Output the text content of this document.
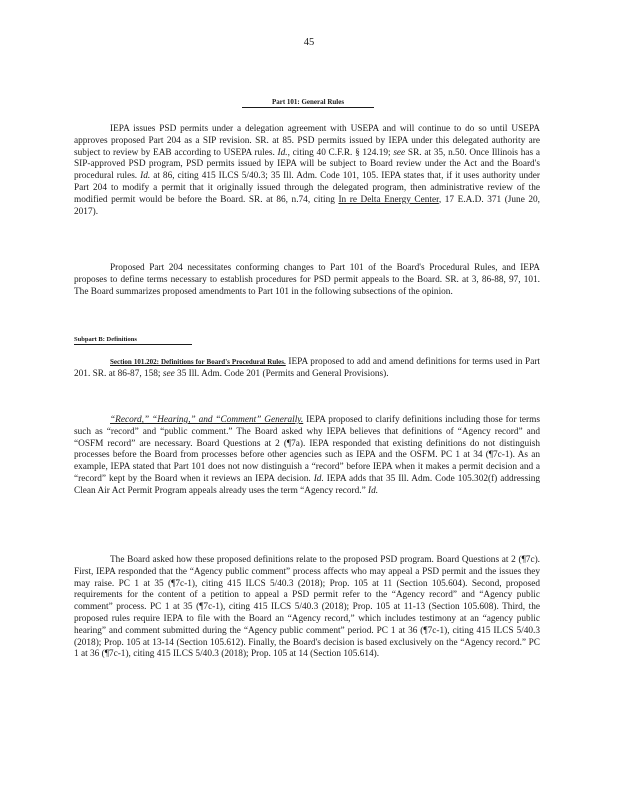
45
Part 101: General Rules

IEPA issues PSD permits under a delegation agreement with USEPA and will continue to do so until USEPA approves proposed Part 204 as a SIP revision. SR. at 85. PSD permits issued by IEPA under this delegated authority are subject to review by EAB according to USEPA rules. Id., citing 40 C.F.R. § 124.19; see SR. at 35, n.50. Once Illinois has a SIP-approved PSD program, PSD permits issued by IEPA will be subject to Board review under the Act and the Board's procedural rules. Id. at 86, citing 415 ILCS 5/40.3; 35 Ill. Adm. Code 101, 105. IEPA states that, if it uses authority under Part 204 to modify a permit that it originally issued through the delegated program, then administrative review of the modified permit would be before the Board. SR. at 86, n.74, citing In re Delta Energy Center, 17 E.A.D. 371 (June 20, 2017).

Proposed Part 204 necessitates conforming changes to Part 101 of the Board's Procedural Rules, and IEPA proposes to define terms necessary to establish procedures for PSD permit appeals to the Board. SR. at 3, 86-88, 97, 101. The Board summarizes proposed amendments to Part 101 in the following subsections of the opinion.

Subpart B: Definitions

Section 101.202: Definitions for Board's Procedural Rules. IEPA proposed to add and amend definitions for terms used in Part 201. SR. at 86-87, 158; see 35 Ill. Adm. Code 201 (Permits and General Provisions).

“Record,” “Hearing,” and “Comment” Generally. IEPA proposed to clarify definitions including those for terms such as “record” and “public comment.” The Board asked why IEPA believes that definitions of “Agency record” and “OSFM record” are necessary. Board Questions at 2 (¶7a). IEPA responded that existing definitions do not distinguish processes before the Board from processes before other agencies such as IEPA and the OSFM. PC 1 at 34 (¶7c-1). As an example, IEPA stated that Part 101 does not now distinguish a “record” before IEPA when it makes a permit decision and a “record” kept by the Board when it reviews an IEPA decision. Id. IEPA adds that 35 Ill. Adm. Code 105.302(f) addressing Clean Air Act Permit Program appeals already uses the term “Agency record.” Id.

The Board asked how these proposed definitions relate to the proposed PSD program. Board Questions at 2 (¶7c). First, IEPA responded that the “Agency public comment” process affects who may appeal a PSD permit and the issues they may raise. PC 1 at 35 (¶7c-1), citing 415 ILCS 5/40.3 (2018); Prop. 105 at 11 (Section 105.604). Second, proposed requirements for the content of a petition to appeal a PSD permit refer to the “Agency record” and “Agency public comment” process. PC 1 at 35 (¶7c-1), citing 415 ILCS 5/40.3 (2018); Prop. 105 at 11-13 (Section 105.608). Third, the proposed rules require IEPA to file with the Board an “Agency record,” which includes testimony at an “agency public hearing” and comment submitted during the “Agency public comment” period. PC 1 at 36 (¶7c-1), citing 415 ILCS 5/40.3 (2018); Prop. 105 at 13-14 (Section 105.612). Finally, the Board's decision is based exclusively on the “Agency record.” PC 1 at 36 (¶7c-1), citing 415 ILCS 5/40.3 (2018); Prop. 105 at 14 (Section 105.614).
